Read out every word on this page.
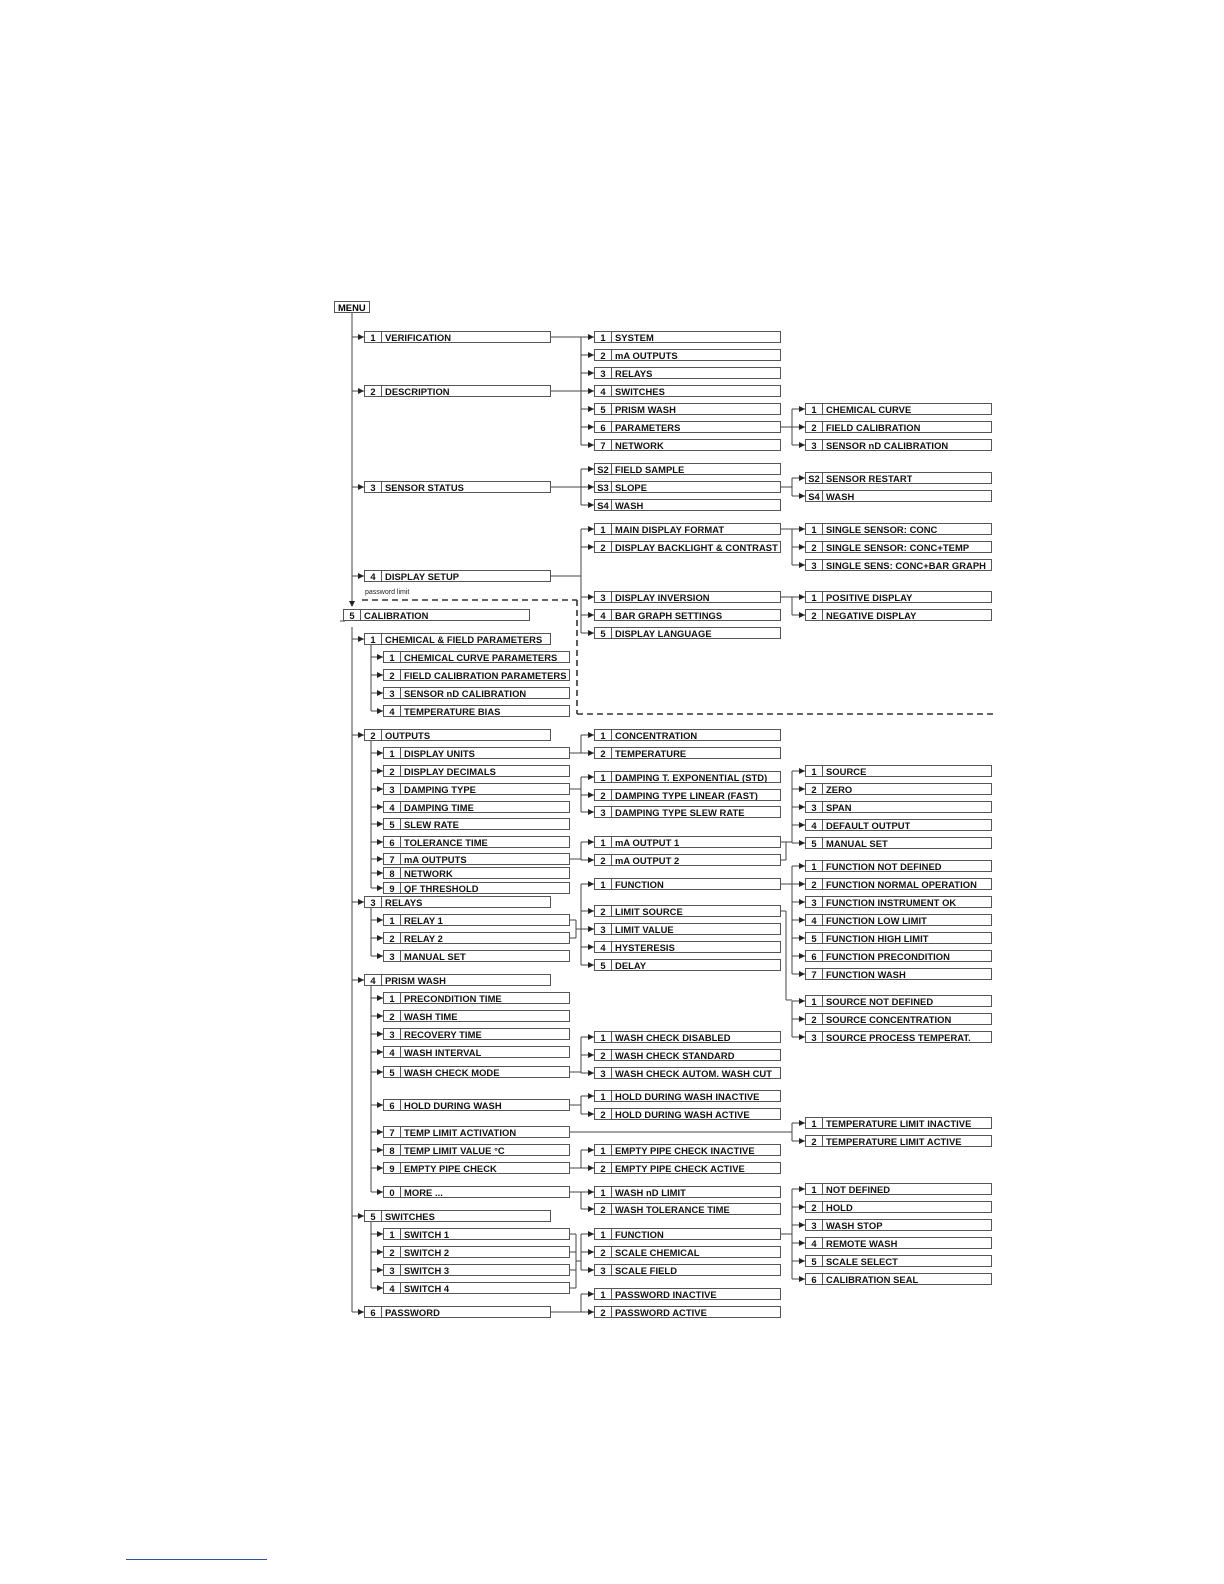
MENU
password limit
1 VERIFICATION
2 DESCRIPTION
3 SENSOR STATUS
4 DISPLAY SETUP
5 CALIBRATION
1 SYSTEM
2 mA OUTPUTS
3 RELAYS
4 SWITCHES
5 PRISM WASH
6 PARAMETERS
7 NETWORK
1 CHEMICAL CURVE
2 FIELD CALIBRATION
3 SENSOR nD CALIBRATION
S2 FIELD SAMPLE
S3 SLOPE
S4 WASH
S2 SENSOR RESTART
S4 WASH
1 MAIN DISPLAY FORMAT
2 DISPLAY BACKLIGHT & CONTRAST
3 DISPLAY INVERSION
4 BAR GRAPH SETTINGS
5 DISPLAY LANGUAGE
1 SINGLE SENSOR: CONC
2 SINGLE SENSOR: CONC+TEMP
3 SINGLE SENS: CONC+BAR GRAPH
1 POSITIVE DISPLAY
2 NEGATIVE DISPLAY
1 CHEMICAL & FIELD PARAMETERS
2 OUTPUTS
3 RELAYS
4 PRISM WASH
5 SWITCHES
6 PASSWORD
1 CHEMICAL CURVE PARAMETERS
2 FIELD CALIBRATION PARAMETERS
3 SENSOR nD CALIBRATION
4 TEMPERATURE BIAS
1 DISPLAY UNITS
2 DISPLAY DECIMALS
3 DAMPING TYPE
4 DAMPING TIME
5 SLEW RATE
6 TOLERANCE TIME
7 mA OUTPUTS
8 NETWORK
9 QF THRESHOLD
1 CONCENTRATION
2 TEMPERATURE
1 DAMPING T. EXPONENTIAL (STD)
2 DAMPING TYPE LINEAR (FAST)
3 DAMPING TYPE SLEW RATE
1 mA OUTPUT 1
2 mA OUTPUT 2
1 SOURCE
2 ZERO
3 SPAN
4 DEFAULT OUTPUT
5 MANUAL SET
1 RELAY 1
2 RELAY 2
3 MANUAL SET
1 FUNCTION
2 LIMIT SOURCE
3 LIMIT VALUE
4 HYSTERESIS
5 DELAY
1 FUNCTION NOT DEFINED
2 FUNCTION NORMAL OPERATION
3 FUNCTION INSTRUMENT OK
4 FUNCTION LOW LIMIT
5 FUNCTION HIGH LIMIT
6 FUNCTION PRECONDITION
7 FUNCTION WASH
1 SOURCE NOT DEFINED
2 SOURCE CONCENTRATION
3 SOURCE PROCESS TEMPERAT.
1 PRECONDITION TIME
2 WASH TIME
3 RECOVERY TIME
4 WASH INTERVAL
5 WASH CHECK MODE
6 HOLD DURING WASH
7 TEMP LIMIT ACTIVATION
8 TEMP LIMIT VALUE °C
9 EMPTY PIPE CHECK
0 MORE ...
1 WASH CHECK DISABLED
2 WASH CHECK STANDARD
3 WASH CHECK AUTOM. WASH CUT
1 HOLD DURING WASH INACTIVE
2 HOLD DURING WASH ACTIVE
1 TEMPERATURE LIMIT INACTIVE
2 TEMPERATURE LIMIT ACTIVE
1 EMPTY PIPE CHECK INACTIVE
2 EMPTY PIPE CHECK ACTIVE
1 WASH nD LIMIT
2 WASH TOLERANCE TIME
1 SWITCH 1
2 SWITCH 2
3 SWITCH 3
4 SWITCH 4
1 FUNCTION
2 SCALE CHEMICAL
3 SCALE FIELD
1 NOT DEFINED
2 HOLD
3 WASH STOP
4 REMOTE WASH
5 SCALE SELECT
6 CALIBRATION SEAL
1 PASSWORD INACTIVE
2 PASSWORD ACTIVE
